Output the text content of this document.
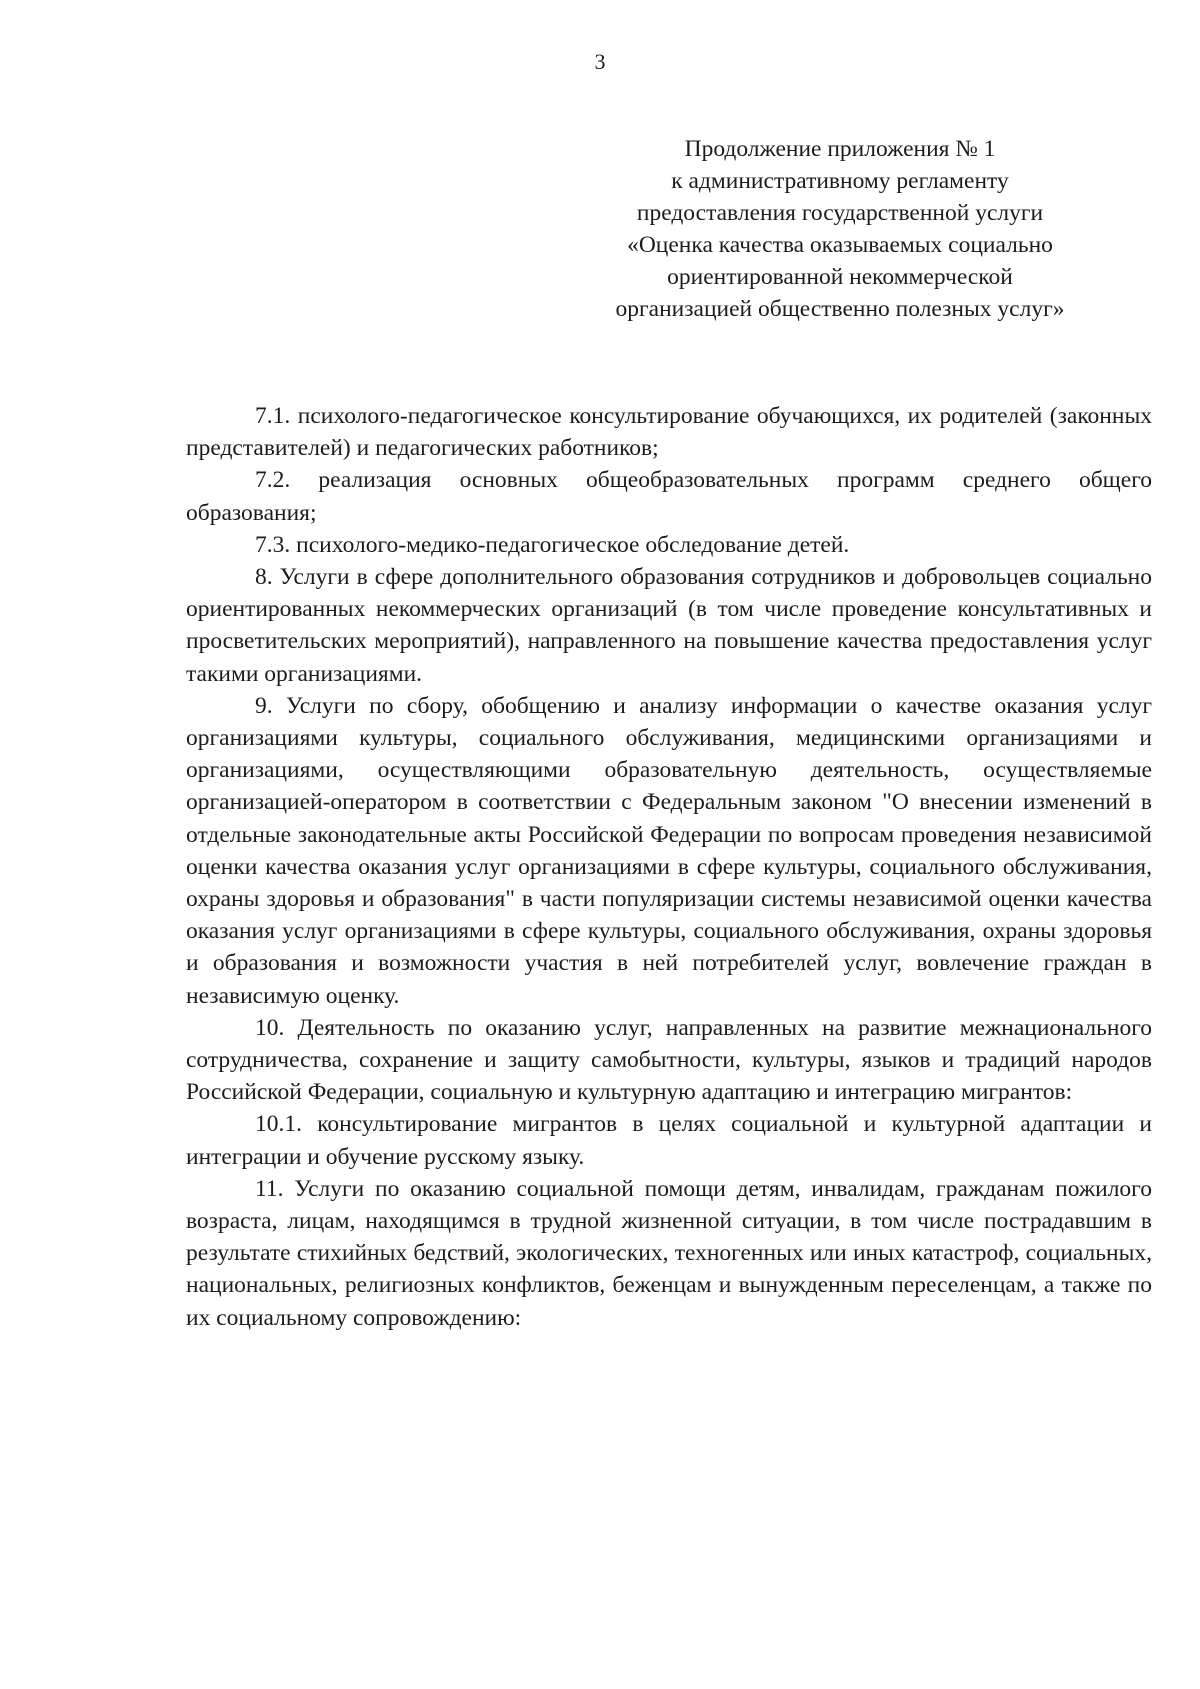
3
Продолжение приложения № 1
к административному регламенту
предоставления государственной услуги
«Оценка качества оказываемых социально
ориентированной некоммерческой
организацией общественно полезных услуг»

7.1. психолого-педагогическое консультирование обучающихся, их родителей (законных представителей) и педагогических работников;

7.2. реализация основных общеобразовательных программ среднего общего образования;

7.3. психолого-медико-педагогическое обследование детей.

8. Услуги в сфере дополнительного образования сотрудников и добровольцев социально ориентированных некоммерческих организаций (в том числе проведение консультативных и просветительских мероприятий), направленного на повышение качества предоставления услуг такими организациями.

9. Услуги по сбору, обобщению и анализу информации о качестве оказания услуг организациями культуры, социального обслуживания, медицинскими организациями и организациями, осуществляющими образовательную деятельность, осуществляемые организацией-оператором в соответствии с Федеральным законом "О внесении изменений в отдельные законодательные акты Российской Федерации по вопросам проведения независимой оценки качества оказания услуг организациями в сфере культуры, социального обслуживания, охраны здоровья и образования" в части популяризации системы независимой оценки качества оказания услуг организациями в сфере культуры, социального обслуживания, охраны здоровья и образования и возможности участия в ней потребителей услуг, вовлечение граждан в независимую оценку.

10. Деятельность по оказанию услуг, направленных на развитие межнационального сотрудничества, сохранение и защиту самобытности, культуры, языков и традиций народов Российской Федерации, социальную и культурную адаптацию и интеграцию мигрантов:

10.1. консультирование мигрантов в целях социальной и культурной адаптации и интеграции и обучение русскому языку.

11. Услуги по оказанию социальной помощи детям, инвалидам, гражданам пожилого возраста, лицам, находящимся в трудной жизненной ситуации, в том числе пострадавшим в результате стихийных бедствий, экологических, техногенных или иных катастроф, социальных, национальных, религиозных конфликтов, беженцам и вынужденным переселенцам, а также по их социальному сопровождению:
